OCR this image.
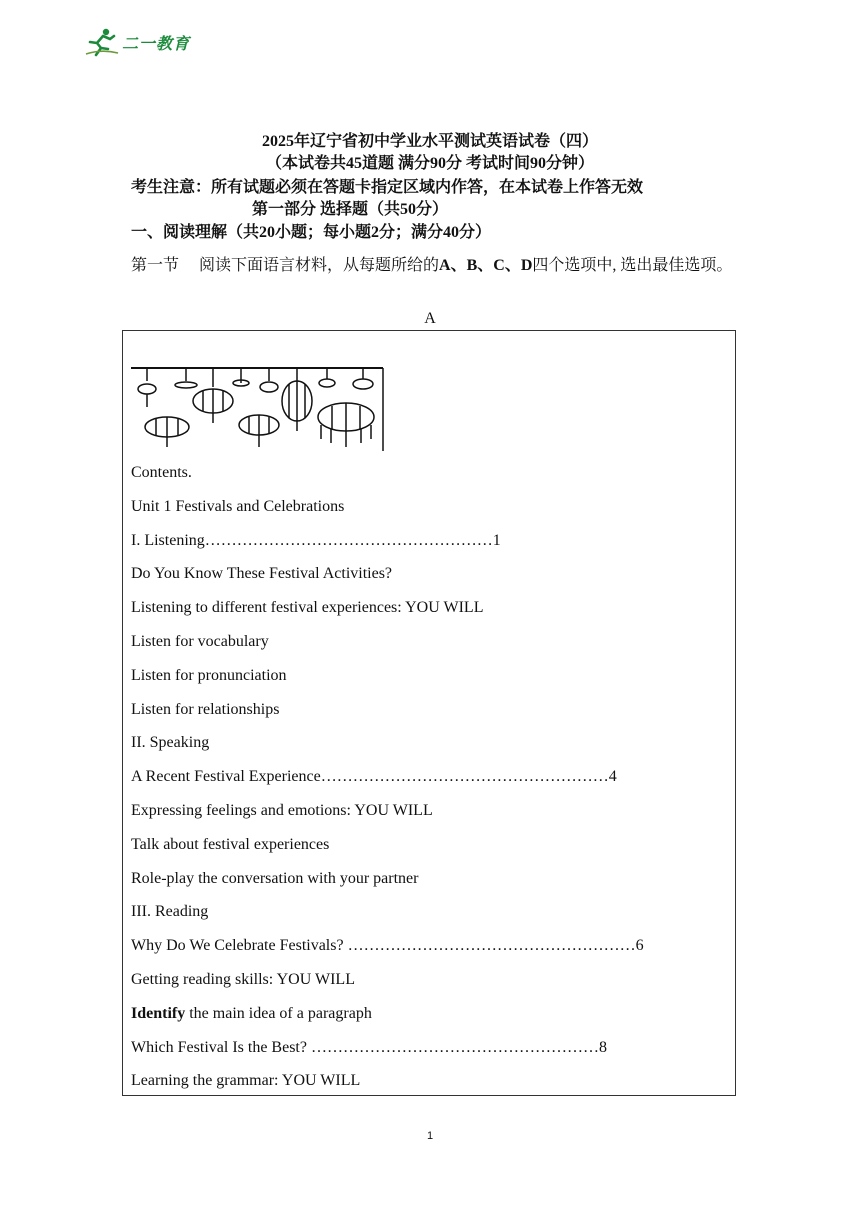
二一教育
2025年辽宁省初中学业水平测试英语试卷（四）
（本试卷共45道题 满分90分 考试时间90分钟）
考生注意：所有试题必须在答题卡指定区域内作答，在本试卷上作答无效
第一部分 选择题（共50分）
一、阅读理解（共20小题；每小题2分；满分40分）
第一节 阅读下面语言材料，从每题所给的A、B、C、D四个选项中, 选出最佳选项。
A
Contents.
Unit 1 Festivals and Celebrations
I. Listening………………………………………………1
Do You Know These Festival Activities?
Listening to different festival experiences: YOU WILL
Listen for vocabulary
Listen for pronunciation
Listen for relationships
II. Speaking
A Recent Festival Experience………………………………………………4
Expressing feelings and emotions: YOU WILL
Talk about festival experiences
Role-play the conversation with your partner
III. Reading
Why Do We Celebrate Festivals? ………………………………………………6
Getting reading skills: YOU WILL
Identify the main idea of a paragraph
Which Festival Is the Best? ………………………………………………8
Learning the grammar: YOU WILL
1
